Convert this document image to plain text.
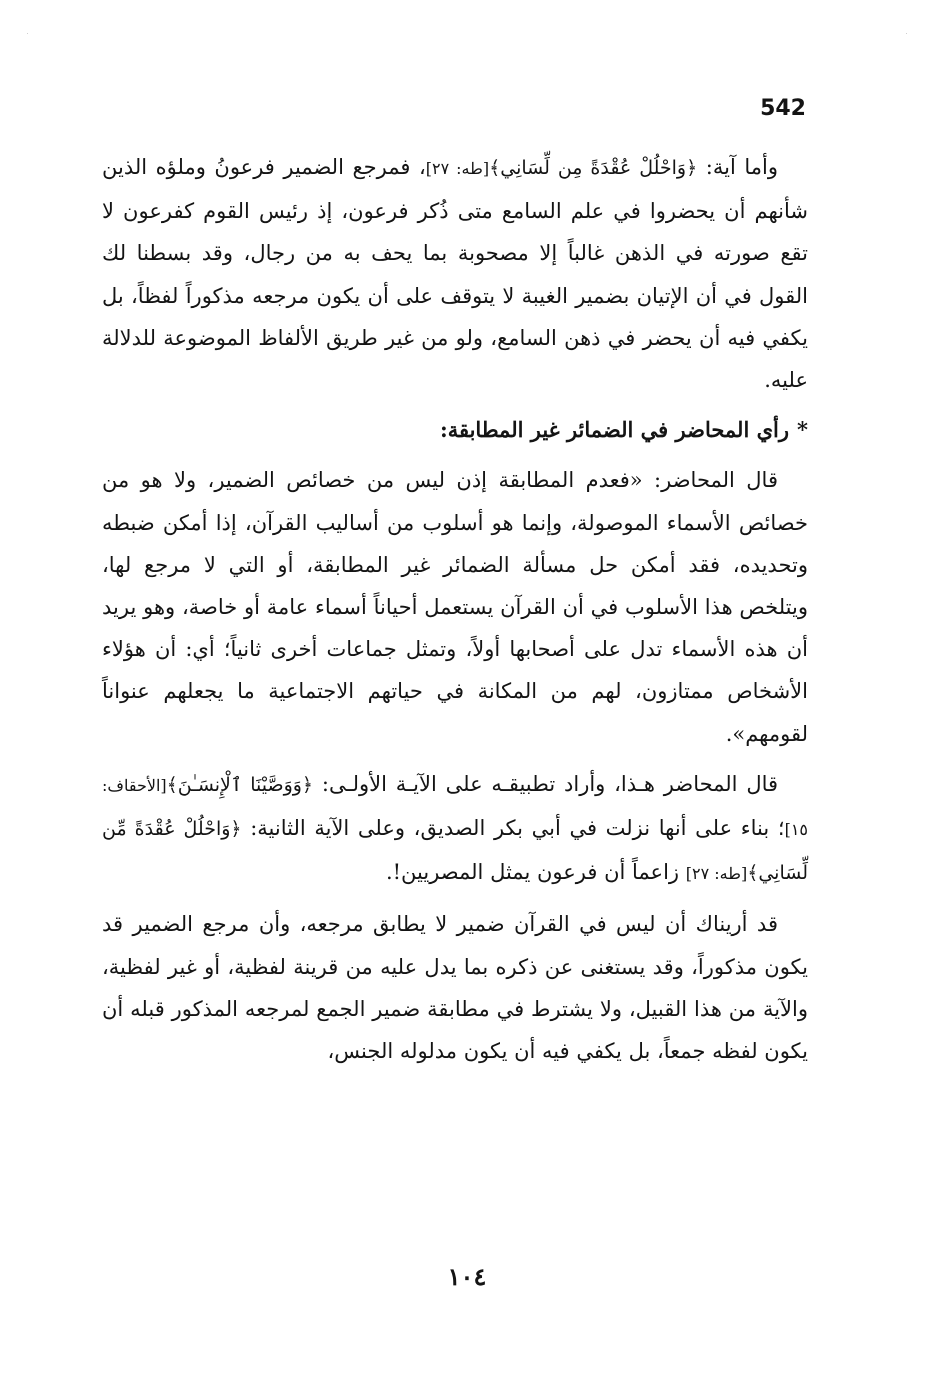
·	·
542

وأما آية: ﴿وَاحْلُلْ عُقْدَةً مِن لِّسَانِي﴾[طه: ٢٧]، فمرجع الضمير فرعونُ وملؤه الذين شأنهم أن يحضروا في علم السامع متى ذُكر فرعون، إذ رئيس القوم كفرعون لا تقع صورته في الذهن غالباً إلا مصحوبة بما يحف به من رجال، وقد بسطنا لك القول في أن الإتيان بضمير الغيبة لا يتوقف على أن يكون مرجعه مذكوراً لفظاً، بل يكفي فيه أن يحضر في ذهن السامع، ولو من غير طريق الألفاظ الموضوعة للدلالة عليه.

*رأي المحاضر في الضمائر غير المطابقة:

قال المحاضر: «فعدم المطابقة إذن ليس من خصائص الضمير، ولا هو من خصائص الأسماء الموصولة، وإنما هو أسلوب من أساليب القرآن، إذا أمكن ضبطه وتحديده، فقد أمكن حل مسألة الضمائر غير المطابقة، أو التي لا مرجع لها، ويتلخص هذا الأسلوب في أن القرآن يستعمل أحياناً أسماء عامة أو خاصة، وهو يريد أن هذه الأسماء تدل على أصحابها أولاً، وتمثل جماعات أخرى ثانياً؛ أي: أن هؤلاء الأشخاص ممتازون، لهم من المكانة في حياتهم الاجتماعية ما يجعلهم عنواناً لقومهم».

قال المحاضر هـذا، وأراد تطبيقـه على الآيـة الأولـى: ﴿وَوَصَّيْنَا ٱلْإِنسَـٰنَ﴾[الأحقاف: ١٥]؛ بناء على أنها نزلت في أبي بكر الصديق، وعلى الآية الثانية: ﴿وَاحْلُلْ عُقْدَةً مِّن لِّسَانِي﴾[طه: ٢٧] زاعماً أن فرعون يمثل المصريين!.

قد أريناك أن ليس في القرآن ضمير لا يطابق مرجعه، وأن مرجع الضمير قد يكون مذكوراً، وقد يستغنى عن ذكره بما يدل عليه من قرينة لفظية، أو غير لفظية، والآية من هذا القبيل، ولا يشترط في مطابقة ضمير الجمع لمرجعه المذكور قبله أن يكون لفظه جمعاً، بل يكفي فيه أن يكون مدلوله الجنس،

١٠٤
